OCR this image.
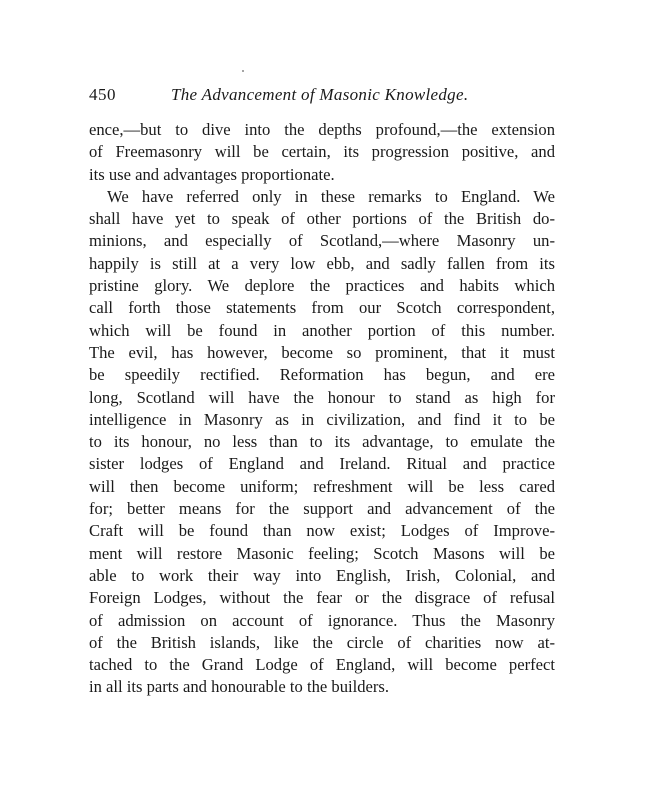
450	The Advancement of Masonic Knowledge.
ence,—but to dive into the depths profound,—the extension
of Freemasonry will be certain, its progression positive, and
its use and advantages proportionate.
We have referred only in these remarks to England. We
shall have yet to speak of other portions of the British do-
minions, and especially of Scotland,—where Masonry un-
happily is still at a very low ebb, and sadly fallen from its
pristine glory. We deplore the practices and habits which
call forth those statements from our Scotch correspondent,
which will be found in another portion of this number.
The evil, has however, become so prominent, that it must
be speedily rectified. Reformation has begun, and ere
long, Scotland will have the honour to stand as high for
intelligence in Masonry as in civilization, and find it to be
to its honour, no less than to its advantage, to emulate the
sister lodges of England and Ireland. Ritual and practice
will then become uniform; refreshment will be less cared
for; better means for the support and advancement of the
Craft will be found than now exist; Lodges of Improve-
ment will restore Masonic feeling; Scotch Masons will be
able to work their way into English, Irish, Colonial, and
Foreign Lodges, without the fear or the disgrace of refusal
of admission on account of ignorance. Thus the Masonry
of the British islands, like the circle of charities now at-
tached to the Grand Lodge of England, will become perfect
in all its parts and honourable to the builders.
